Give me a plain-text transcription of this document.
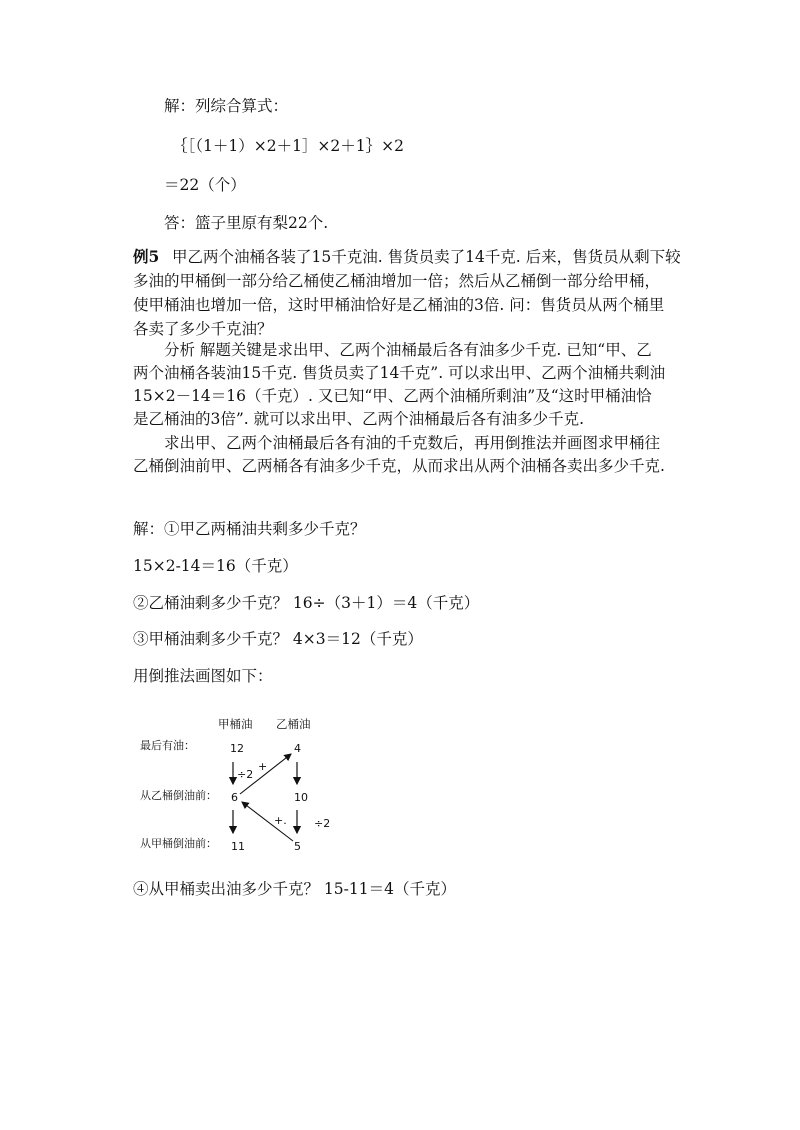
解：列综合算式：
｛［（1＋1）×2＋1］×2＋1｝×2
＝22（个）
答：篮子里原有梨22个.
例5 甲乙两个油桶各装了15千克油. 售货员卖了14千克. 后来，售货员从剩下较
多油的甲桶倒一部分给乙桶使乙桶油增加一倍；然后从乙桶倒一部分给甲桶，
使甲桶油也增加一倍，这时甲桶油恰好是乙桶油的3倍. 问：售货员从两个桶里
各卖了多少千克油？
分析 解题关键是求出甲、乙两个油桶最后各有油多少千克. 已知“甲、乙
两个油桶各装油15千克. 售货员卖了14千克”. 可以求出甲、乙两个油桶共剩油
15×2－14＝16（千克）. 又已知“甲、乙两个油桶所剩油”及“这时甲桶油恰
是乙桶油的3倍”. 就可以求出甲、乙两个油桶最后各有油多少千克.
求出甲、乙两个油桶最后各有油的千克数后，再用倒推法并画图求甲桶往
乙桶倒油前甲、乙两桶各有油多少千克，从而求出从两个油桶各卖出多少千克.
解：①甲乙两桶油共剩多少千克？
15×2-14＝16（千克）
②乙桶油剩多少千克？ 16÷（3＋1）＝4（千克）
③甲桶油剩多少千克？ 4×3＝12（千克）
用倒推法画图如下：
甲桶油 乙桶油
最后有油：
从乙桶倒油前：
从甲桶倒油前：
12	4
6	10
11	5
÷2
+
+. ÷2
④从甲桶卖出油多少千克？ 15-11＝4（千克）
